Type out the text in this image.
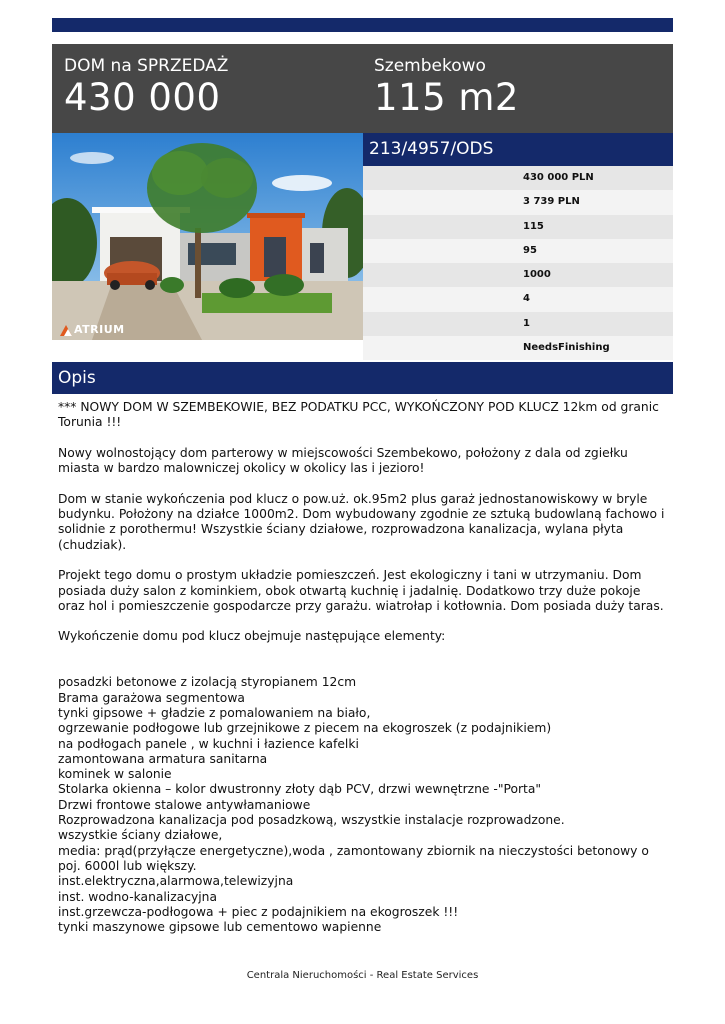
DOM na SPRZEDAŻ
430 000
Szembekowo
115 m2
ATRIUM
213/4957/ODS
430 000 PLN
3 739 PLN
115
95
1000
4
1
NeedsFinishing
Opis

*** NOWY DOM W SZEMBEKOWIE, BEZ PODATKU PCC, WYKOŃCZONY POD KLUCZ 12km od granic Torunia !!!

Nowy wolnostojący dom parterowy w miejscowości Szembekowo, położony z dala od zgiełku miasta w bardzo malowniczej okolicy w okolicy las i jezioro!

Dom w stanie wykończenia pod klucz o pow.uż. ok.95m2 plus garaż jednostanowiskowy w bryle budynku. Położony na działce 1000m2. Dom wybudowany zgodnie ze sztuką budowlaną fachowo i solidnie z porothermu! Wszystkie ściany działowe, rozprowadzona kanalizacja, wylana płyta (chudziak).

Projekt tego domu o prostym układzie pomieszczeń. Jest ekologiczny i tani w utrzymaniu. Dom posiada duży salon z kominkiem, obok otwartą kuchnię i jadalnię. Dodatkowo trzy duże pokoje oraz hol i pomieszczenie gospodarcze przy garażu. wiatrołap i kotłownia. Dom posiada duży taras.

Wykończenie domu pod klucz obejmuje następujące elementy:

posadzki betonowe z izolacją styropianem 12cm
Brama garażowa segmentowa
tynki gipsowe + gładzie z pomalowaniem na biało,
ogrzewanie podłogowe lub grzejnikowe z piecem na ekogroszek (z podajnikiem)
na podłogach panele , w kuchni i łazience kafelki
zamontowana armatura sanitarna
kominek w salonie
Stolarka okienna – kolor dwustronny złoty dąb PCV, drzwi wewnętrzne -"Porta"
Drzwi frontowe stalowe antywłamaniowe
Rozprowadzona kanalizacja pod posadzkową, wszystkie instalacje rozprowadzone.
wszystkie ściany działowe,
media: prąd(przyłącze energetyczne),woda , zamontowany zbiornik na nieczystości betonowy o poj. 6000l lub większy.
inst.elektryczna,alarmowa,telewizyjna
inst. wodno-kanalizacyjna
inst.grzewcza-podłogowa + piec z podajnikiem na ekogroszek !!!
tynki maszynowe gipsowe lub cementowo wapienne
Centrala Nieruchomości - Real Estate Services
